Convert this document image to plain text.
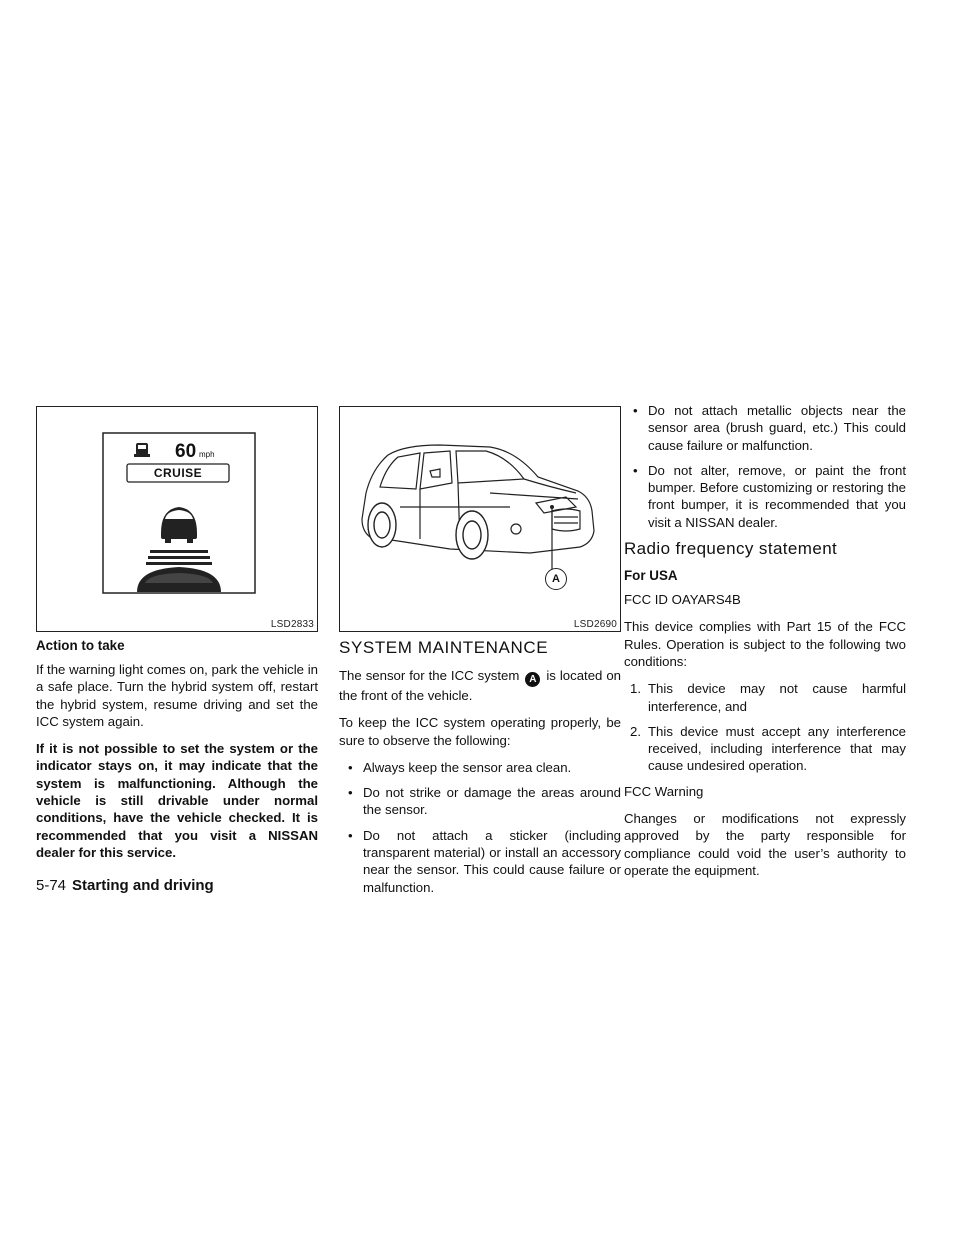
60 mph
CRUISE
LSD2833
Action to take

If the warning light comes on, park the vehicle in a safe place. Turn the hybrid system off, restart the hybrid system, resume driving and set the ICC system again.

If it is not possible to set the system or the indicator stays on, it may indicate that the system is malfunctioning. Although the vehicle is still drivable under normal conditions, have the vehicle checked. It is recommended that you visit a NISSAN dealer for this service.

A
LSD2690
SYSTEM MAINTENANCE

The sensor for the ICC system A is located on the front of the vehicle.

To keep the ICC system operating properly, be sure to observe the following:

• Always keep the sensor area clean.
• Do not strike or damage the areas around the sensor.
• Do not attach a sticker (including transparent material) or install an accessory near the sensor. This could cause failure or malfunction.
• Do not attach metallic objects near the sensor area (brush guard, etc.) This could cause failure or malfunction.
• Do not alter, remove, or paint the front bumper. Before customizing or restoring the front bumper, it is recommended that you visit a NISSAN dealer.
Radio frequency statement
For USA

FCC ID OAYARS4B

This device complies with Part 15 of the FCC Rules. Operation is subject to the following two conditions:

1. This device may not cause harmful interference, and
2. This device must accept any interference received, including interference that may cause undesired operation.

FCC Warning

Changes or modifications not expressly approved by the party responsible for compliance could void the user’s authority to operate the equipment.

5-74 Starting and driving
